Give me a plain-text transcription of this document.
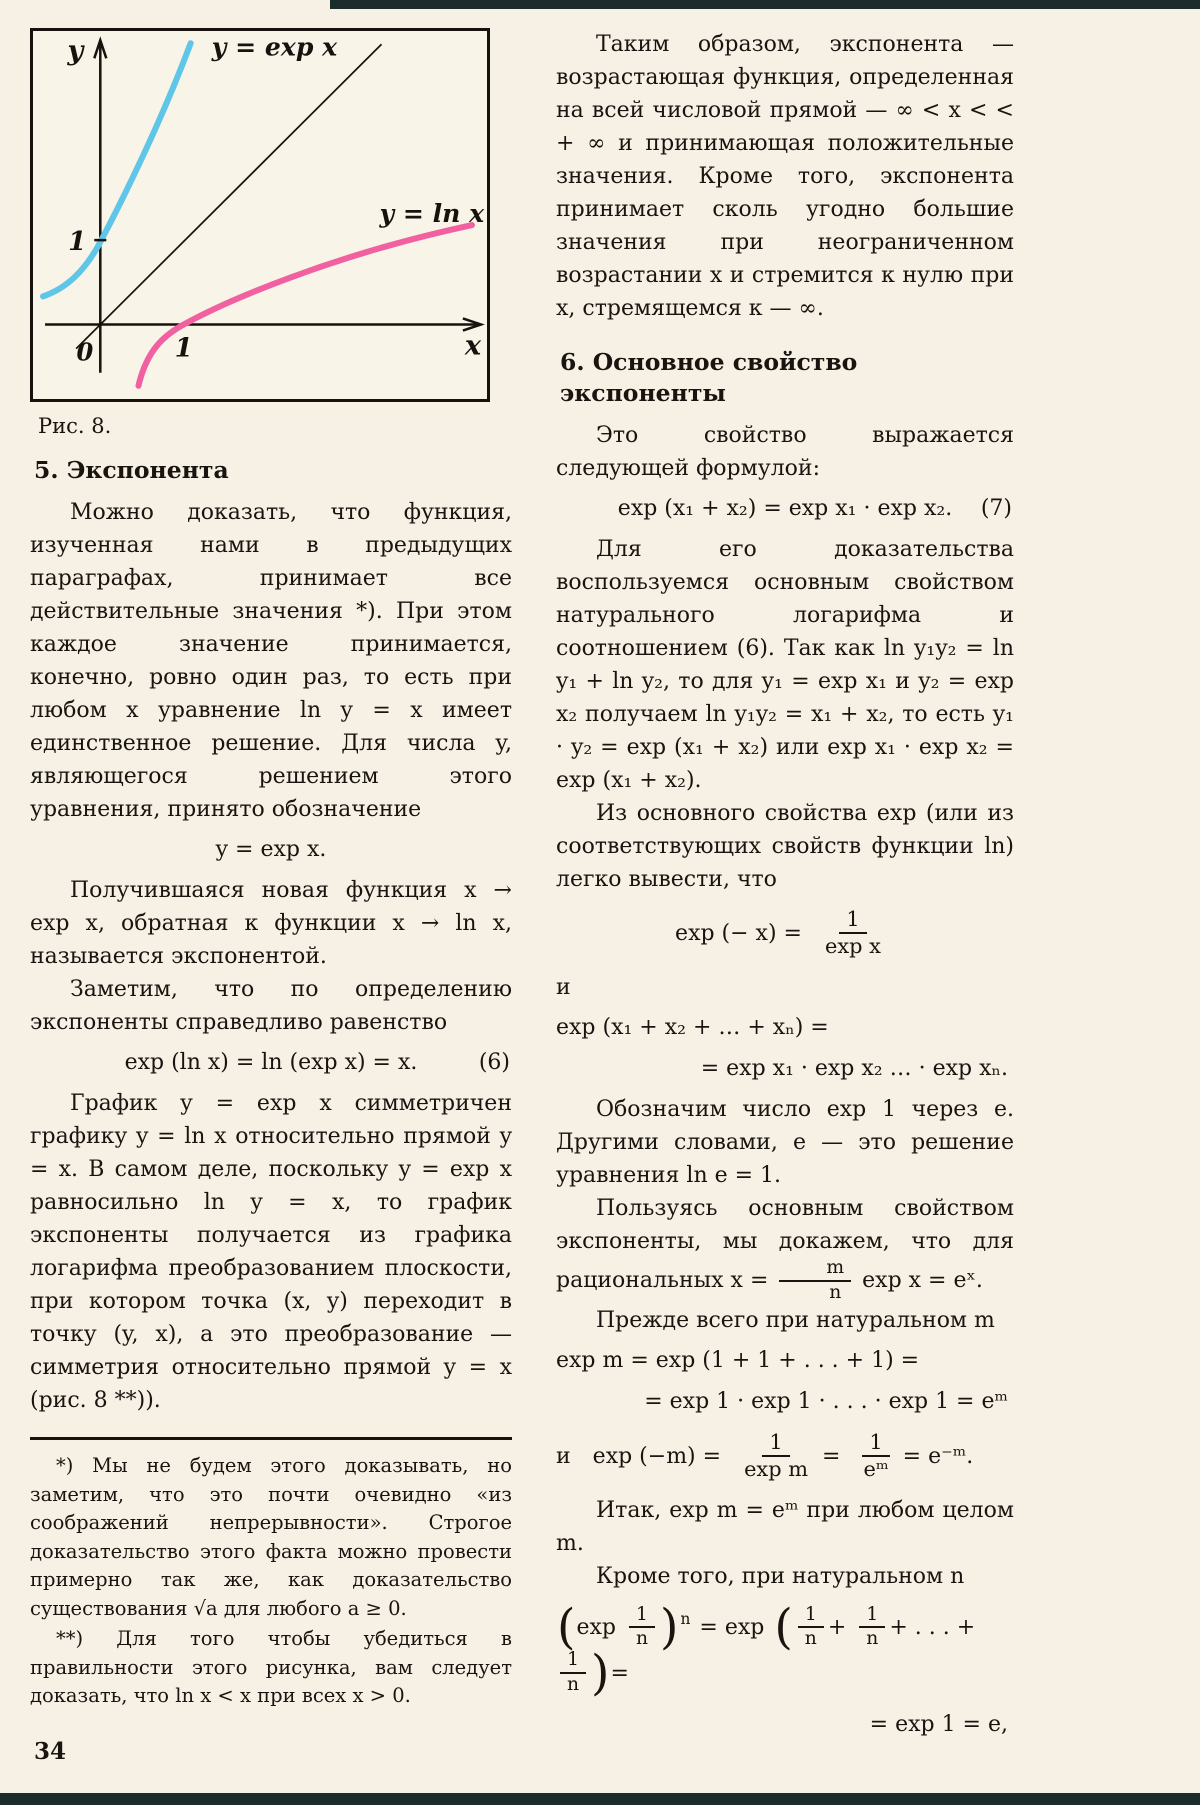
y
x
1
1
0
y = exp x
y = ln x
Рис. 8.
5. Экспонента

Можно доказать, что функция, изученная нами в предыдущих параграфах, принимает все действительные значения *). При этом каждое значение принимается, конечно, ровно один раз, то есть при любом x уравнение ln y = x имеет единственное решение. Для числа y, являющегося решением этого уравнения, принято обозначение

y = exp x.

Получившаяся новая функция x → exp x, обратная к функции x → ln x, называется экспонентой.

Заметим, что по определению экспоненты справедливо равенство

exp (ln x) = ln (exp x) = x.	(6)

График y = exp x симметричен графику y = ln x относительно прямой y = x. В самом деле, поскольку y = exp x равносильно ln y = x, то график экспоненты получается из графика логарифма преобразованием плоскости, при котором точка (x, y) переходит в точку (y, x), а это преобразование — симметрия относительно прямой y = x (рис. 8 **)).

*) Мы не будем этого доказывать, но заметим, что это почти очевидно «из соображений непрерывности». Строгое доказательство этого факта можно провести примерно так же, как доказательство существования √a для любого a ≥ 0.

**) Для того чтобы убедиться в правильности этого рисунка, вам следует доказать, что ln x < x при всех x > 0.

Таким образом, экспонента — возрастающая функция, определенная на всей числовой прямой — ∞ < x < < + ∞ и принимающая положительные значения. Кроме того, экспонента принимает сколь угодно большие значения при неограниченном возрастании x и стремится к нулю при x, стремящемся к — ∞.

6. Основное свойство экспоненты

Это свойство выражается следующей формулой:

exp (x₁ + x₂) = exp x₁ · exp x₂. (7)

Для его доказательства воспользуемся основным свойством натурального логарифма и соотношением (6). Так как ln y₁y₂ = ln y₁ + ln y₂, то для y₁ = exp x₁ и y₂ = exp x₂ получаем ln y₁y₂ = x₁ + x₂, то есть y₁ · y₂ = exp (x₁ + x₂) или exp x₁ · exp x₂ = exp (x₁ + x₂).

Из основного свойства exp (или из соответствующих свойств функции ln) легко вывести, что

exp (− $x) = \frac{1}{\text{exp x}}$

и

exp (x₁ + x₂ + … + xₙ) =
= exp x₁ · exp x₂ … · exp xₙ.

Обозначим число exp 1 через e. Другими словами, e — это решение уравнения ln e = 1.

Пользуясь основным свойством экспоненты, мы докажем, что для рациональных $x = \frac{m}{n}$ exp x = eˣ.

Прежде всего при натуральном m

exp m = exp (1 + 1 + . . . + 1) =
= exp 1 · exp 1 · . . . · exp 1 = eᵐ
и $\exp (-m) = \frac{1}{\text{exp m}} = \frac{1}{\text{eᵐ}}$ = e⁻ᵐ.

Итак, exp m = eᵐ при любом целом m.

Кроме того, при натуральном n

( $\exp \frac{1}{n} )^n = \exp$ ( $\frac{1}{n} + \frac{1}{n}$ + . . . +
$\frac{1}{n}$ ) =
= exp 1 = e,
34
